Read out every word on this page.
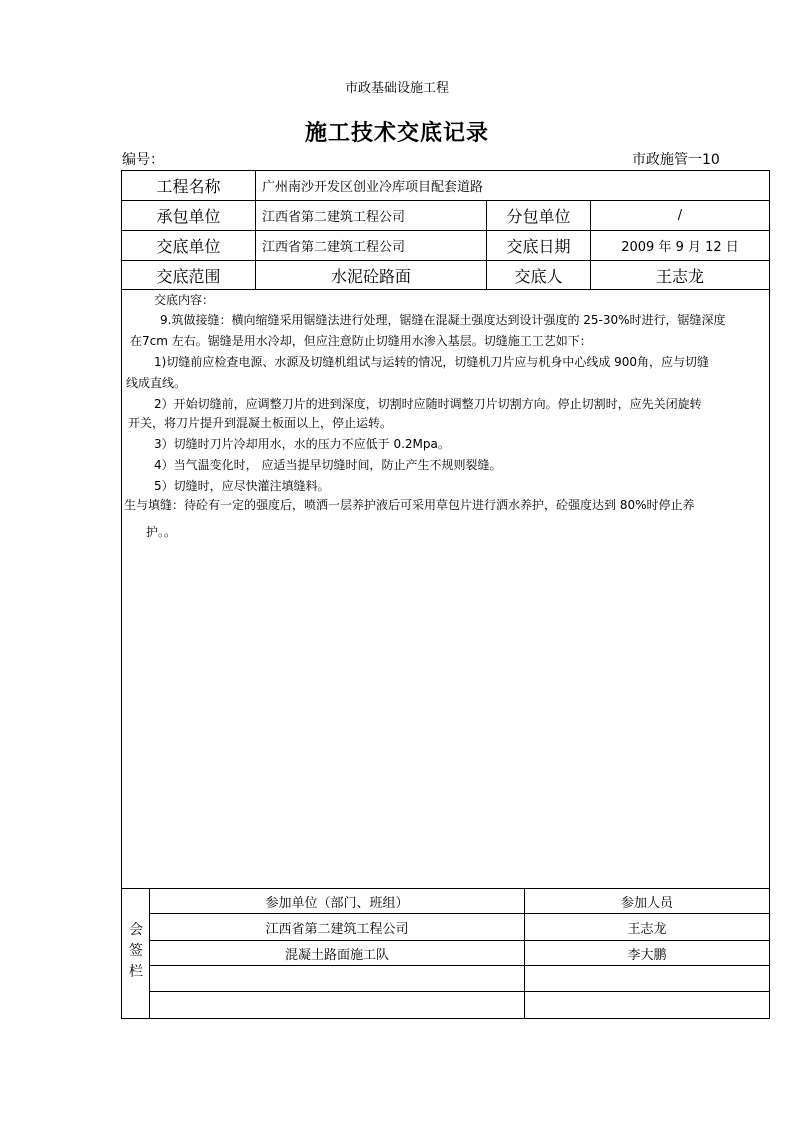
市政基础设施工程
施工技术交底记录
编号：	市政施管一10
工程名称	广州南沙开发区创业冷库项目配套道路
承包单位	江西省第二建筑工程公司	分包单位	/
交底单位	江西省第二建筑工程公司	交底日期	2009 年 9 月 12 日
交底范围	水泥砼路面	交底人	王志龙
交底内容：
9.筑做接缝：横向缩缝采用锯缝法进行处理，锯缝在混凝土强度达到设计强度的 25-30%时进行，锯缝深度
在7cm 左右。锯缝是用水冷却，但应注意防止切缝用水渗入基层。切缝施工工艺如下：
1)切缝前应检查电源、水源及切缝机组试与运转的情况，切缝机刀片应与机身中心线成 900角，应与切缝
线成直线。
2）开始切缝前，应调整刀片的进到深度，切割时应随时调整刀片切割方向。停止切割时，应先关闭旋转
开关，将刀片提升到混凝土板面以上，停止运转。
3）切缝时刀片冷却用水，水的压力不应低于 0.2Mpa。
4）当气温变化时， 应适当提早切缝时间，防止产生不规则裂缝。
5）切缝时，应尽快灌注填缝料。
生与填缝：待砼有一定的强度后，喷洒一层养护液后可采用草包片进行洒水养护，砼强度达到 80%时停止养
护。。
会签栏
参加单位（部门、班组）	参加人员
江西省第二建筑工程公司	王志龙
混凝土路面施工队	李大鹏
